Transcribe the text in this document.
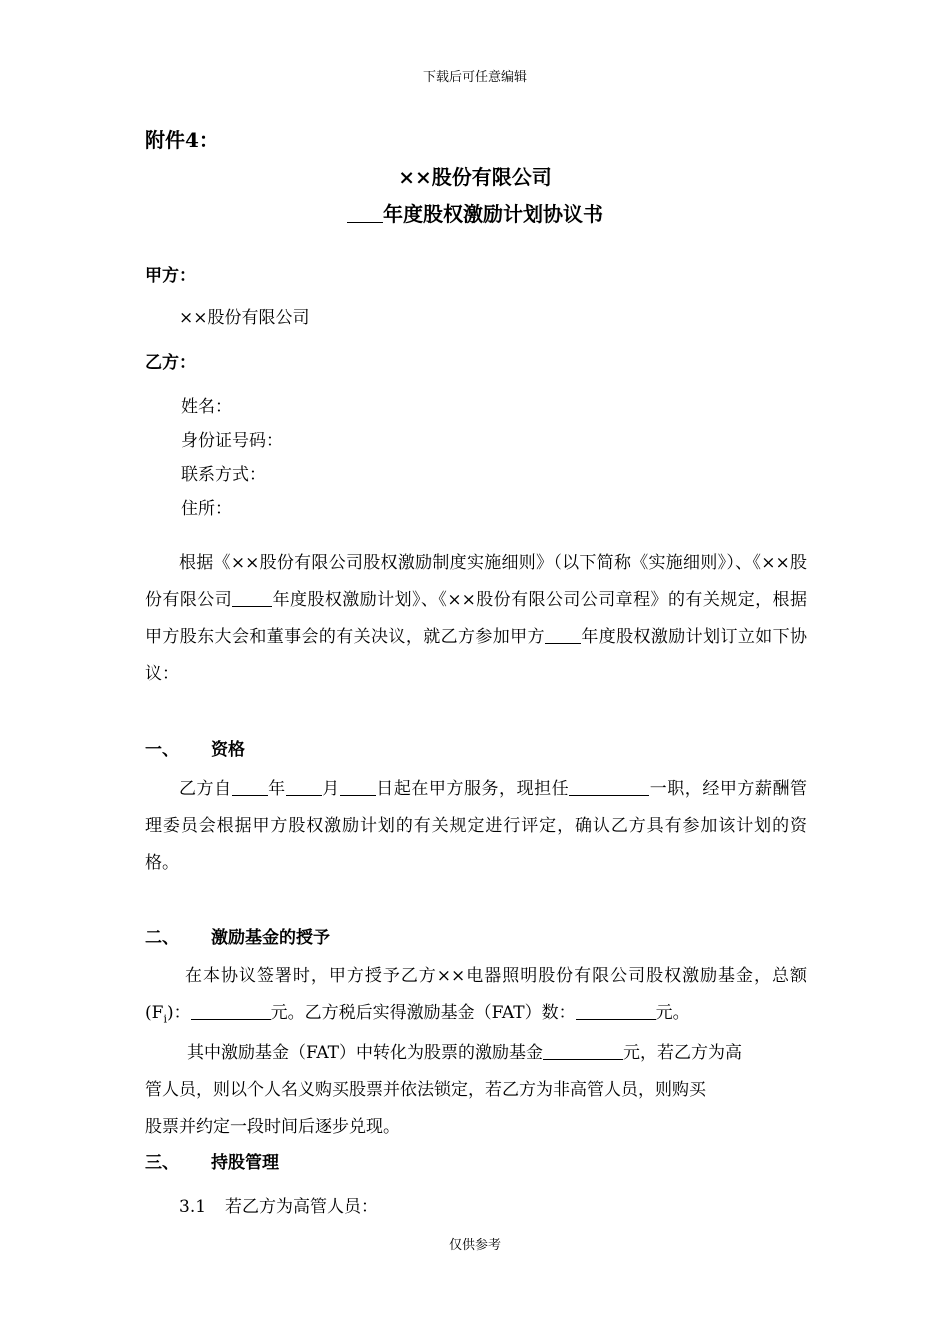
下载后可任意编辑
附件4：
××股份有限公司
年度股权激励计划协议书
甲方：
××股份有限公司
乙方：
姓名：
身份证号码：
联系方式：
住所：
根据《××股份有限公司股权激励制度实施细则》（以下简称《实施细则》）、《××股份有限公司 年度股权激励计划》、《××股份有限公司公司章程》的有关规定，根据甲方股东大会和董事会的有关决议，就乙方参加甲方 年度股权激励计划订立如下协议：
一、 资格
乙方自 年 月 日起在甲方服务，现担任	一职，经甲方薪酬管理委员会根据甲方股权激励计划的有关规定进行评定，确认乙方具有参加该计划的资格。
二、 激励基金的授予
在本协议签署时，甲方授予乙方××电器照明股份有限公司股权激励基金，总额$(F_i)$：	元。乙方税后实得激励基金（FAT）数：	元。
其中激励基金（FAT）中转化为股票的激励基金	元，若乙方为高
管人员，则以个人名义购买股票并依法锁定，若乙方为非高管人员，则购买
股票并约定一段时间后逐步兑现。
三、 持股管理
3.1 若乙方为高管人员：
仅供参考
